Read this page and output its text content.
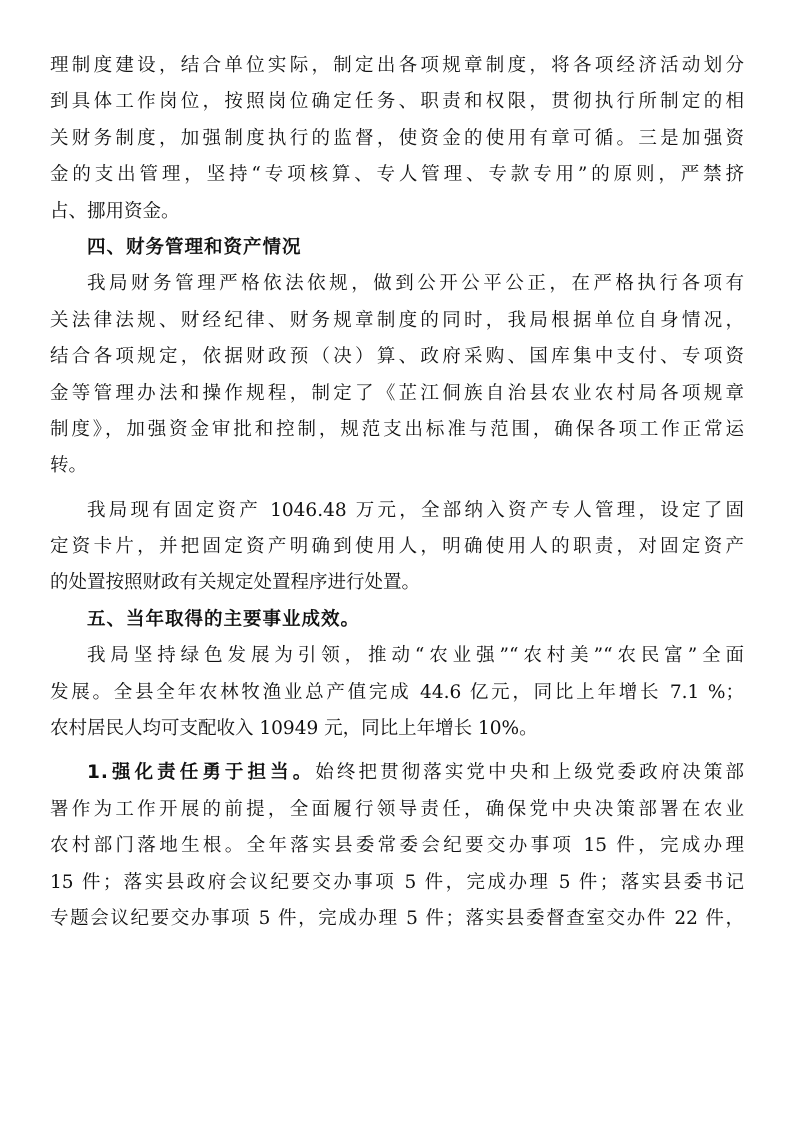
理制度建设，结合单位实际，制定出各项规章制度，将各项经济活动划分
到具体工作岗位，按照岗位确定任务、职责和权限，贯彻执行所制定的相
关财务制度，加强制度执行的监督，使资金的使用有章可循。三是加强资
金的支出管理，坚持“专项核算、专人管理、专款专用”的原则，严禁挤
占、挪用资金。
四、财务管理和资产情况
我局财务管理严格依法依规，做到公开公平公正，在严格执行各项有
关法律法规、财经纪律、财务规章制度的同时，我局根据单位自身情况，
结合各项规定，依据财政预（决）算、政府采购、国库集中支付、专项资
金等管理办法和操作规程，制定了《芷江侗族自治县农业农村局各项规章
制度》，加强资金审批和控制，规范支出标准与范围，确保各项工作正常运
转。
我局现有固定资产 1046.48 万元，全部纳入资产专人管理，设定了固
定资卡片，并把固定资产明确到使用人，明确使用人的职责，对固定资产
的处置按照财政有关规定处置程序进行处置。
五、当年取得的主要事业成效。
我局坚持绿色发展为引领，推动“农业强”“农村美”“农民富”全面
发展。全县全年农林牧渔业总产值完成 44.6 亿元，同比上年增长 7.1 %；
农村居民人均可支配收入 10949 元，同比上年增长 10%。
1.强化责任勇于担当。始终把贯彻落实党中央和上级党委政府决策部
署作为工作开展的前提，全面履行领导责任，确保党中央决策部署在农业
农村部门落地生根。全年落实县委常委会纪要交办事项 15 件，完成办理
15 件；落实县政府会议纪要交办事项 5 件，完成办理 5 件；落实县委书记
专题会议纪要交办事项 5 件，完成办理 5 件；落实县委督查室交办件 22 件，
